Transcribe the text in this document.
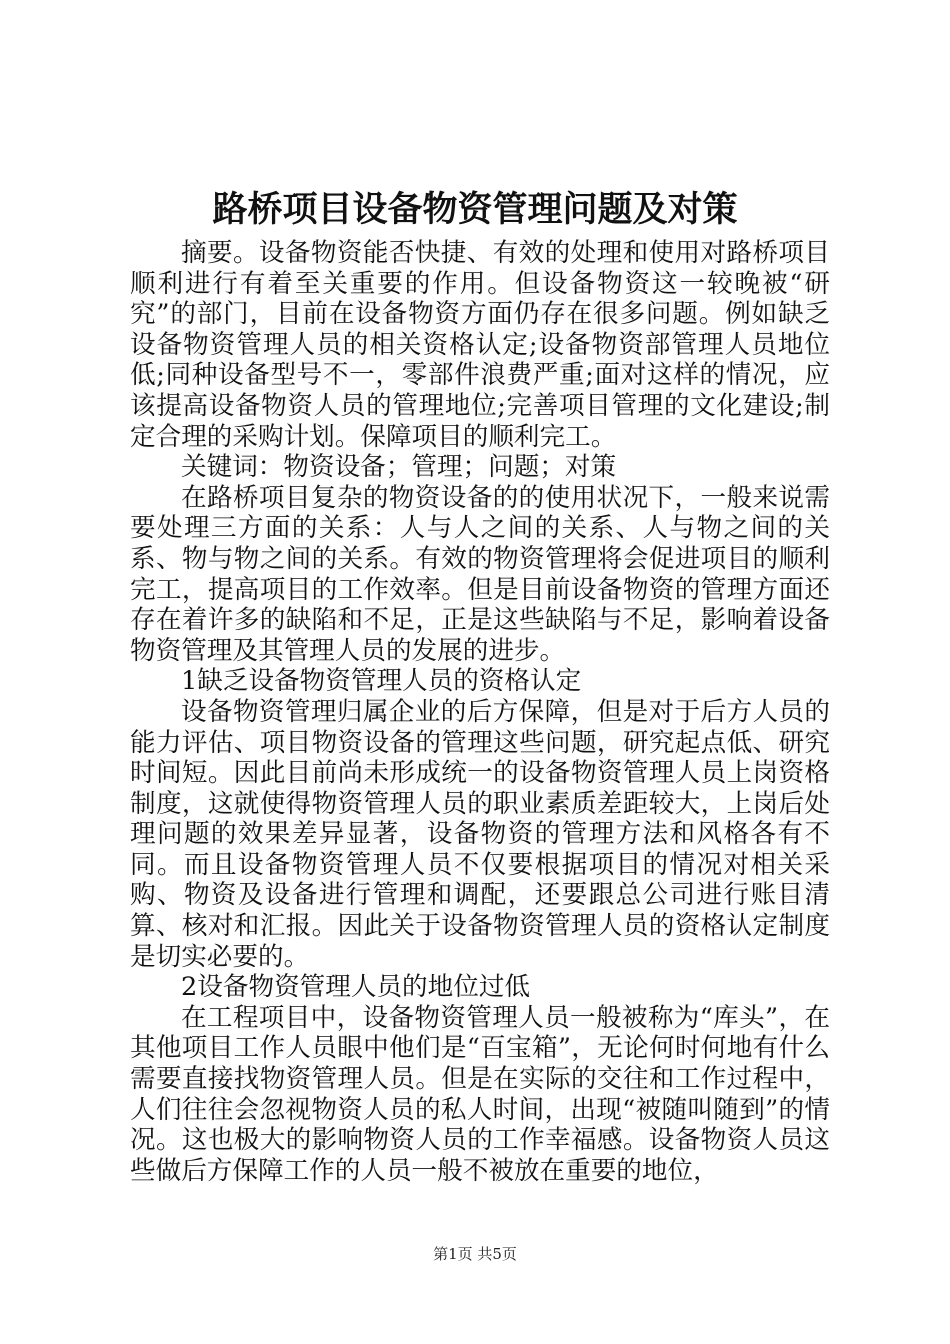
路桥项目设备物资管理问题及对策

摘要。设备物资能否快捷、有效的处理和使用对路桥项目顺利进行有着至关重要的作用。但设备物资这一较晚被“研究”的部门，目前在设备物资方面仍存在很多问题。例如缺乏设备物资管理人员的相关资格认定;设备物资部管理人员地位低;同种设备型号不一，零部件浪费严重;面对这样的情况，应该提高设备物资人员的管理地位;完善项目管理的文化建设;制定合理的采购计划。保障项目的顺利完工。

关键词：物资设备；管理；问题；对策

在路桥项目复杂的物资设备的的使用状况下，一般来说需要处理三方面的关系：人与人之间的关系、人与物之间的关系、物与物之间的关系。有效的物资管理将会促进项目的顺利完工，提高项目的工作效率。但是目前设备物资的管理方面还存在着许多的缺陷和不足，正是这些缺陷与不足，影响着设备物资管理及其管理人员的发展的进步。

1缺乏设备物资管理人员的资格认定

设备物资管理归属企业的后方保障，但是对于后方人员的能力评估、项目物资设备的管理这些问题，研究起点低、研究时间短。因此目前尚未形成统一的设备物资管理人员上岗资格制度，这就使得物资管理人员的职业素质差距较大，上岗后处理问题的效果差异显著，设备物资的管理方法和风格各有不同。而且设备物资管理人员不仅要根据项目的情况对相关采购、物资及设备进行管理和调配，还要跟总公司进行账目清算、核对和汇报。因此关于设备物资管理人员的资格认定制度是切实必要的。

2设备物资管理人员的地位过低

在工程项目中，设备物资管理人员一般被称为“库头”，在其他项目工作人员眼中他们是“百宝箱”，无论何时何地有什么需要直接找物资管理人员。但是在实际的交往和工作过程中，人们往往会忽视物资人员的私人时间，出现“被随叫随到”的情况。这也极大的影响物资人员的工作幸福感。设备物资人员这些做后方保障工作的人员一般不被放在重要的地位，

第1页 共5页
